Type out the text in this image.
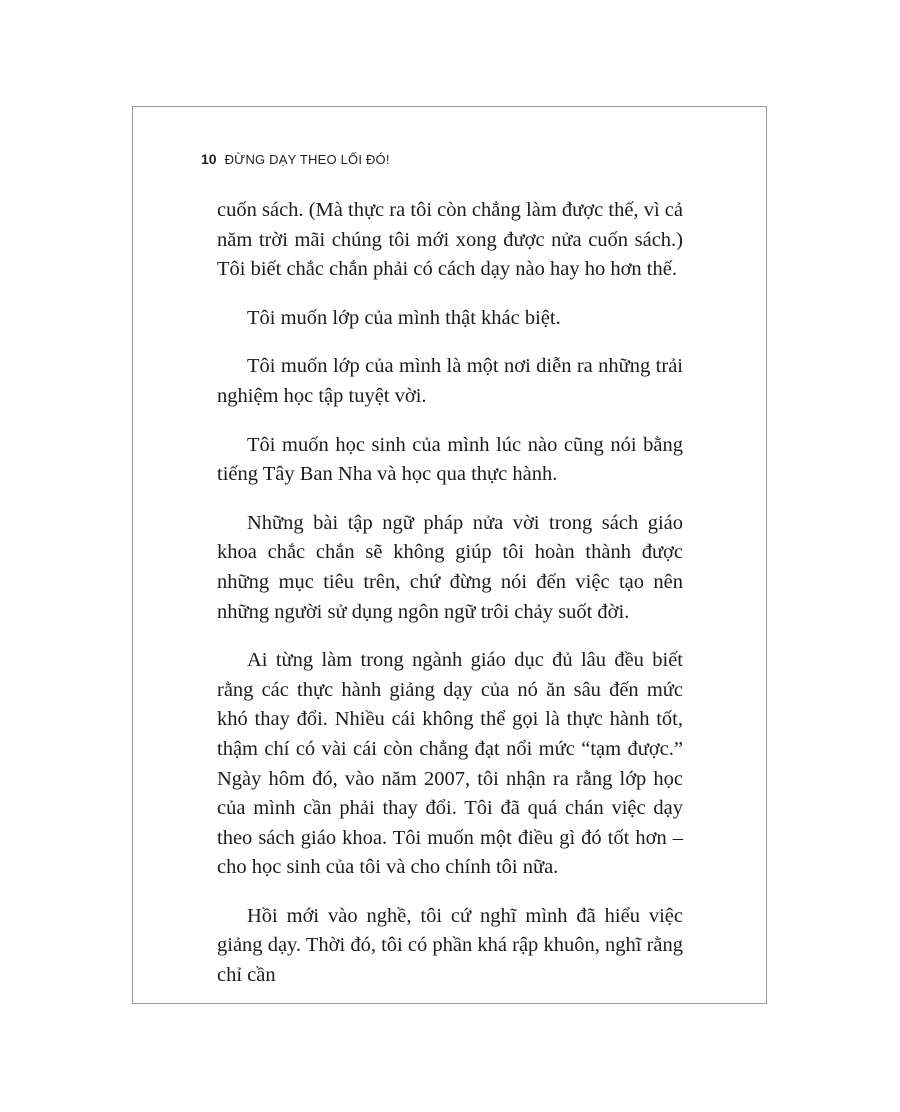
10 ĐỪNG DẠY THEO LỐI ĐÓ!

cuốn sách. (Mà thực ra tôi còn chẳng làm được thế, vì cả năm trời mãi chúng tôi mới xong được nửa cuốn sách.) Tôi biết chắc chắn phải có cách dạy nào hay ho hơn thế.

Tôi muốn lớp của mình thật khác biệt.

Tôi muốn lớp của mình là một nơi diễn ra những trải nghiệm học tập tuyệt vời.

Tôi muốn học sinh của mình lúc nào cũng nói bằng tiếng Tây Ban Nha và học qua thực hành.

Những bài tập ngữ pháp nửa vời trong sách giáo khoa chắc chắn sẽ không giúp tôi hoàn thành được những mục tiêu trên, chứ đừng nói đến việc tạo nên những người sử dụng ngôn ngữ trôi chảy suốt đời.

Ai từng làm trong ngành giáo dục đủ lâu đều biết rằng các thực hành giảng dạy của nó ăn sâu đến mức khó thay đổi. Nhiều cái không thể gọi là thực hành tốt, thậm chí có vài cái còn chẳng đạt nổi mức “tạm được.” Ngày hôm đó, vào năm 2007, tôi nhận ra rằng lớp học của mình cần phải thay đổi. Tôi đã quá chán việc dạy theo sách giáo khoa. Tôi muốn một điều gì đó tốt hơn – cho học sinh của tôi và cho chính tôi nữa.

Hồi mới vào nghề, tôi cứ nghĩ mình đã hiểu việc giảng dạy. Thời đó, tôi có phần khá rập khuôn, nghĩ rằng chỉ cần
